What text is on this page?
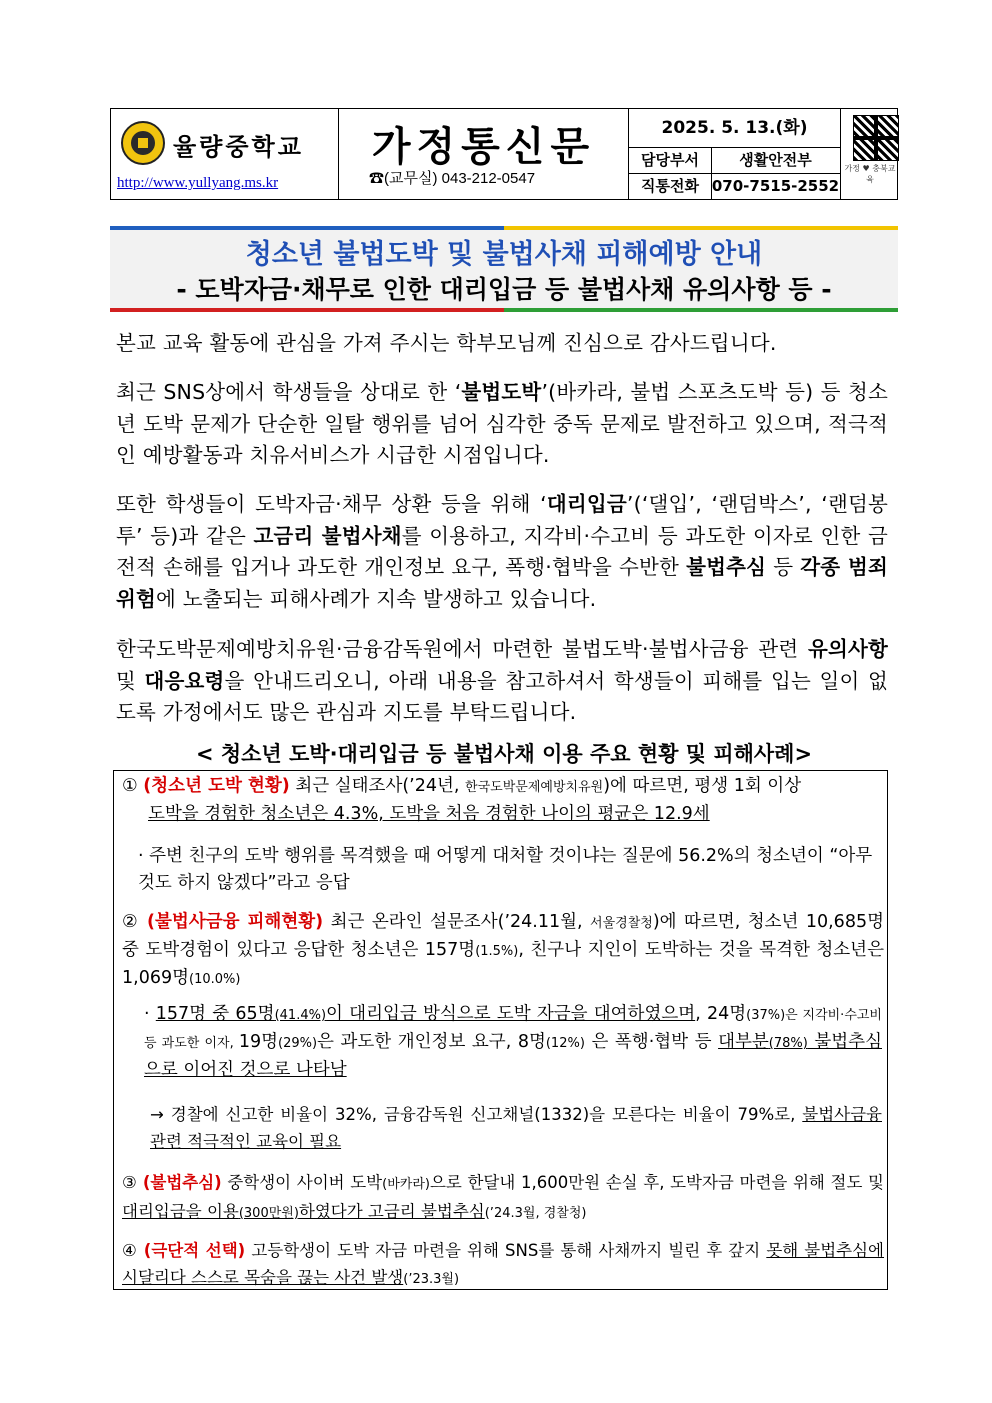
율량중학교
http://www.yullyang.ms.kr
가정통신문
☎(교무실) 043-212-0547
2025. 5. 13.(화)
담당부서	생활안전부
직통전화 070-7515-2552
가정 ♥ 충북교육
청소년 불법도박 및 불법사채 피해예방 안내
- 도박자금·채무로 인한 대리입금 등 불법사채 유의사항 등 -
본교 교육 활동에 관심을 가져 주시는 학부모님께 진심으로 감사드립니다.
최근 SNS상에서 학생들을 상대로 한 ‘불법도박’(바카라, 불법 스포츠도박 등) 등 청소년 도박 문제가 단순한 일탈 행위를 넘어 심각한 중독 문제로 발전하고 있으며, 적극적인 예방활동과 치유서비스가 시급한 시점입니다.
또한 학생들이 도박자금·채무 상환 등을 위해 ‘대리입금’(‘댈입’, ‘랜덤박스’, ‘랜덤봉투’ 등)과 같은 고금리 불법사채를 이용하고, 지각비·수고비 등 과도한 이자로 인한 금전적 손해를 입거나 과도한 개인정보 요구, 폭행·협박을 수반한 불법추심 등 각종 범죄위험에 노출되는 피해사례가 지속 발생하고 있습니다.
한국도박문제예방치유원·금융감독원에서 마련한 불법도박·불법사금융 관련 유의사항 및 대응요령을 안내드리오니, 아래 내용을 참고하셔서 학생들이 피해를 입는 일이 없도록 가정에서도 많은 관심과 지도를 부탁드립니다.
< 청소년 도박·대리입금 등 불법사채 이용 주요 현황 및 피해사례>
① (청소년 도박 현황) 최근 실태조사(’24년, 한국도박문제예방치유원)에 따르면, 평생 1회 이상
도박을 경험한 청소년은 4.3%, 도박을 처음 경험한 나이의 평균은 12.9세
· 주변 친구의 도박 행위를 목격했을 때 어떻게 대처할 것이냐는 질문에 56.2%의 청소년이 “아무것도 하지 않겠다”라고 응답
② (불법사금융 피해현황) 최근 온라인 설문조사(’24.11월, 서울경찰청)에 따르면, 청소년 10,685명 중 도박경험이 있다고 응답한 청소년은 157명(1.5%), 친구나 지인이 도박하는 것을 목격한 청소년은 1,069명(10.0%)
· 157명 중 65명(41.4%)이 대리입금 방식으로 도박 자금을 대여하였으며, 24명(37%)은 지각비·수고비 등 과도한 이자, 19명(29%)은 과도한 개인정보 요구, 8명(12%) 은 폭행·협박 등 대부분(78%) 불법추심으로 이어진 것으로 나타남
→ 경찰에 신고한 비율이 32%, 금융감독원 신고채널(1332)을 모른다는 비율이 79%로, 불법사금융 관련 적극적인 교육이 필요
③ (불법추심) 중학생이 사이버 도박(바카라)으로 한달내 1,600만원 손실 후, 도박자금 마련을 위해 절도 및 대리입금을 이용(300만원)하였다가 고금리 불법추심(’24.3월, 경찰청)
④ (극단적 선택) 고등학생이 도박 자금 마련을 위해 SNS를 통해 사채까지 빌린 후 갚지 못해 불법추심에 시달리다 스스로 목숨을 끊는 사건 발생(’23.3월)
